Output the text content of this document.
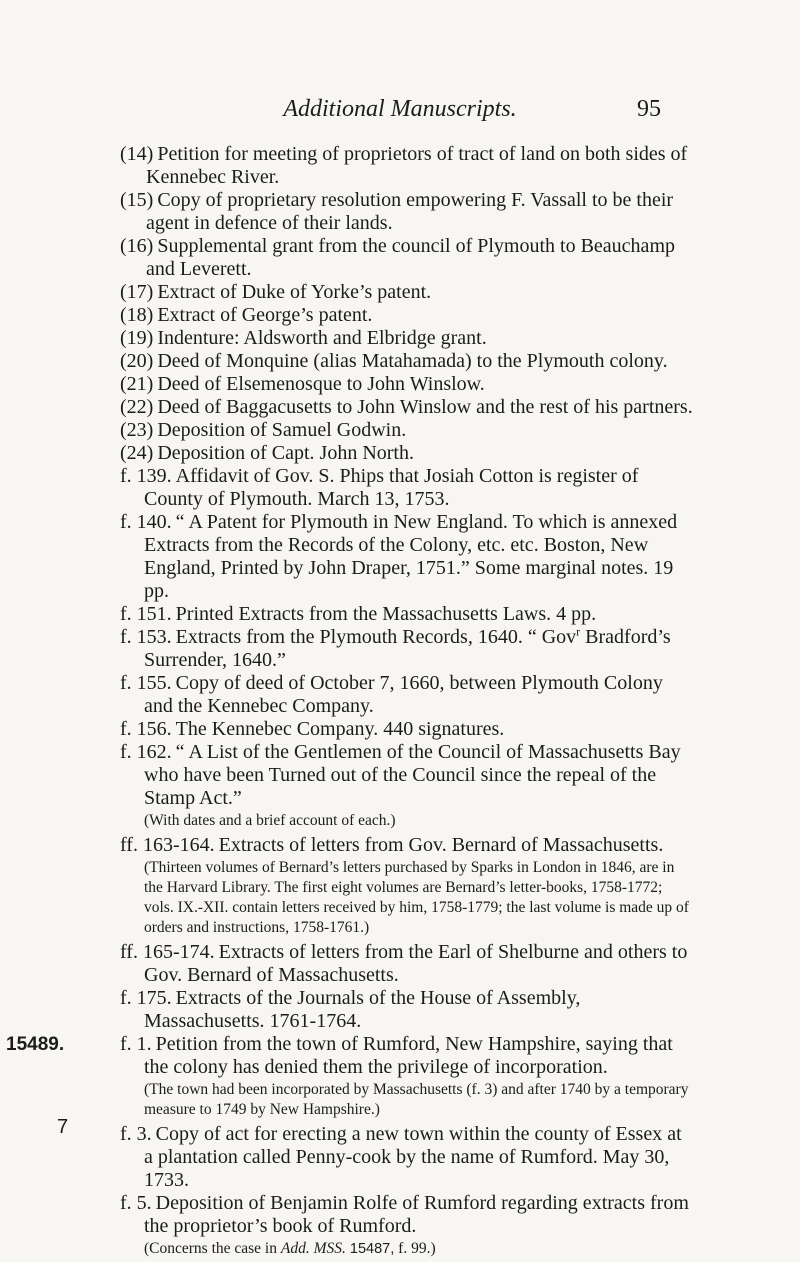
Additional Manuscripts.	95

(14) Petition for meeting of proprietors of tract of land on both sides of Kennebec River.

(15) Copy of proprietary resolution empowering F. Vassall to be their agent in defence of their lands.

(16) Supplemental grant from the council of Plymouth to Beauchamp and Leverett.

(17) Extract of Duke of Yorke’s patent.

(18) Extract of George’s patent.

(19) Indenture: Aldsworth and Elbridge grant.

(20) Deed of Monquine (alias Matahamada) to the Plymouth colony.

(21) Deed of Elsemenosque to John Winslow.

(22) Deed of Baggacusetts to John Winslow and the rest of his partners.

(23) Deposition of Samuel Godwin.

(24) Deposition of Capt. John North.

f. 139. Affidavit of Gov. S. Phips that Josiah Cotton is register of County of Plymouth. March 13, 1753.

f. 140. “ A Patent for Plymouth in New England. To which is annexed Extracts from the Records of the Colony, etc. etc. Boston, New England, Printed by John Draper, 1751.” Some marginal notes. 19 pp.

f. 151. Printed Extracts from the Massachusetts Laws. 4 pp.

f. 153. Extracts from the Plymouth Records, 1640. “ Gov$^r$ Bradford’s Surrender, 1640.”

f. 155. Copy of deed of October 7, 1660, between Plymouth Colony and the Kennebec Company.

f. 156. The Kennebec Company. 440 signatures.

f. 162. “ A List of the Gentlemen of the Council of Massachusetts Bay who have been Turned out of the Council since the repeal of the Stamp Act.”

(With dates and a brief account of each.)

ff. 163-164. Extracts of letters from Gov. Bernard of Massachusetts.

(Thirteen volumes of Bernard’s letters purchased by Sparks in London in 1846, are in the Harvard Library. The first eight volumes are Bernard’s letter-books, 1758-1772; vols. IX.-XII. contain letters received by him, 1758-1779; the last volume is made up of orders and instructions, 1758-1761.)

ff. 165-174. Extracts of letters from the Earl of Shelburne and others to Gov. Bernard of Massachusetts.

f. 175. Extracts of the Journals of the House of Assembly, Massachusetts. 1761-1764.

15489.	f. 1. Petition from the town of Rumford, New Hampshire, saying that the colony has denied them the privilege of incorporation.

(The town had been incorporated by Massachusetts (f. 3) and after 1740 by a temporary measure to 1749 by New Hampshire.)

f. 3. Copy of act for erecting a new town within the county of Essex at a plantation called Penny-cook by the name of Rumford. May 30, 1733.

f. 5. Deposition of Benjamin Rolfe of Rumford regarding extracts from the proprietor’s book of Rumford.

(Concerns the case in Add. MSS. 15487, f. 99.)

7
